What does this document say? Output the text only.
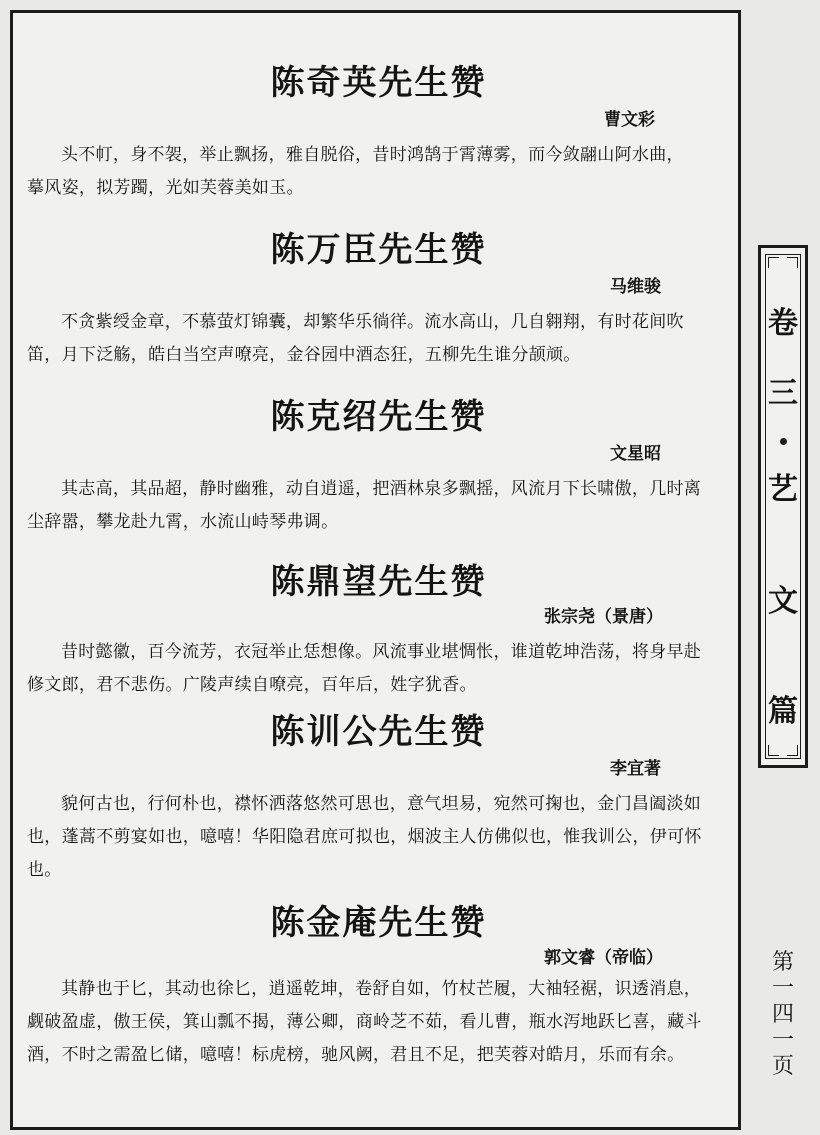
陈奇英先生赞
曹文彩
头不帄，身不袈，举止飘扬，雅自脱俗，昔时鸿鹄于霄薄雾，而今敛翮山阿水曲，
摹风姿，拟芳躅，光如芙蓉美如玉。
陈万臣先生赞
马维骏
不贪紫绶金章，不慕萤灯锦囊，却繁华乐徜徉。流水高山，几自翱翔，有时花间吹
笛，月下泛觞，皓白当空声嘹亮，金谷园中酒态狂，五柳先生谁分颉颃。
陈克绍先生赞
文星昭
其志高，其品超，静时幽雅，动自逍遥，把酒林泉多飘摇，风流月下长啸傲，几时离
尘辞嚣，攀龙赴九霄，水流山峙琴弗调。
陈鼎望先生赞
张宗尧（景唐）
昔时懿徽，百今流芳，衣冠举止恁想像。风流事业堪惆怅，谁道乾坤浩荡，将身早赴
修文郎，君不悲伤。广陵声续自嘹亮，百年后，姓字犹香。
陈训公先生赞
李宜著
貌何古也，行何朴也，襟怀洒落悠然可思也，意气坦易，宛然可掬也，金门昌阖淡如
也，蓬蒿不剪宴如也，噫嘻！华阳隐君庶可拟也，烟波主人仿佛似也，惟我训公，伊可怀
也。
陈金庵先生赞
郭文睿（帝临）
其静也于匕，其动也徐匕，逍遥乾坤，卷舒自如，竹杖芒履，大袖轻裾，识透消息，
觑破盈虚，傲王侯，箕山瓢不揭，薄公卿，商岭芝不茹，看儿曹，瓶水泻地跃匕喜，藏斗
酒，不时之需盈匕储，噫嘻！标虎榜，驰风阙，君且不足，把芙蓉对皓月，乐而有余。
卷
三
艺
文
篇
第
一
四
一
页
